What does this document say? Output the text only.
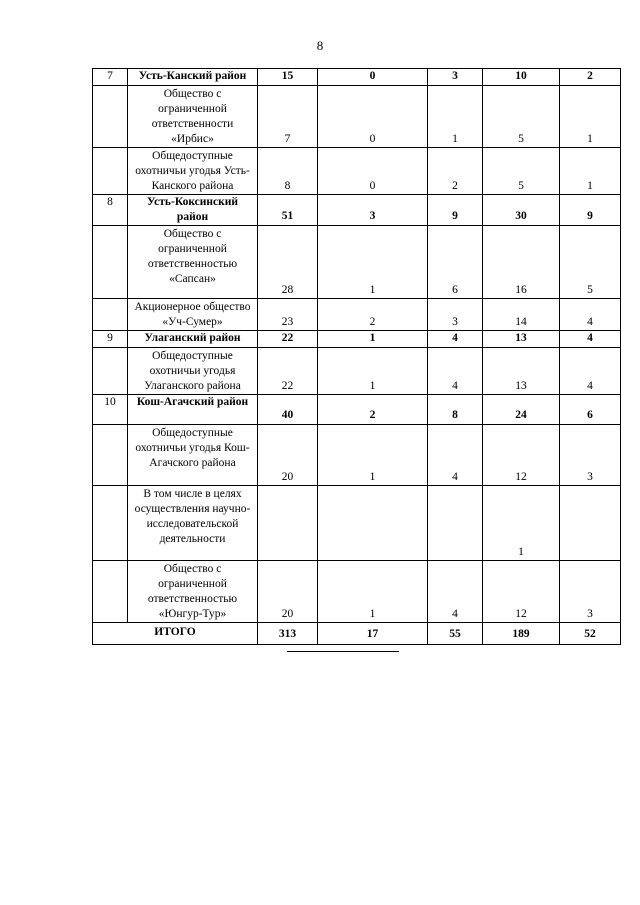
8
7	Усть-Канский район	15	0	3	10	2
	Общество с ограниченной ответственности «Ирбис»	7	0	1	5	1
	Общедоступные охотничьи угодья Усть-Канского района	8	0	2	5	1
8	Усть-Коксинский район	51	3	9	30	9
	Общество с ограниченной ответственностью «Сапсан»	28	1	6	16	5
	Акционерное общество «Уч-Сумер»	23	2	3	14	4
9	Улаганский район	22	1	4	13	4
	Общедоступные охотничьи угодья Улаганского района	22	1	4	13	4
10	Кош-Агачский район	40	2	8	24	6
	Общедоступные охотничьи угодья Кош-Агачского района	20	1	4	12	3
	В том числе в целях осуществления научно-исследовательской деятельности				1	
	Общество с ограниченной ответственностью «Юнгур-Тур»	20	1	4	12	3
ИТОГО		313	17	55	189	52
